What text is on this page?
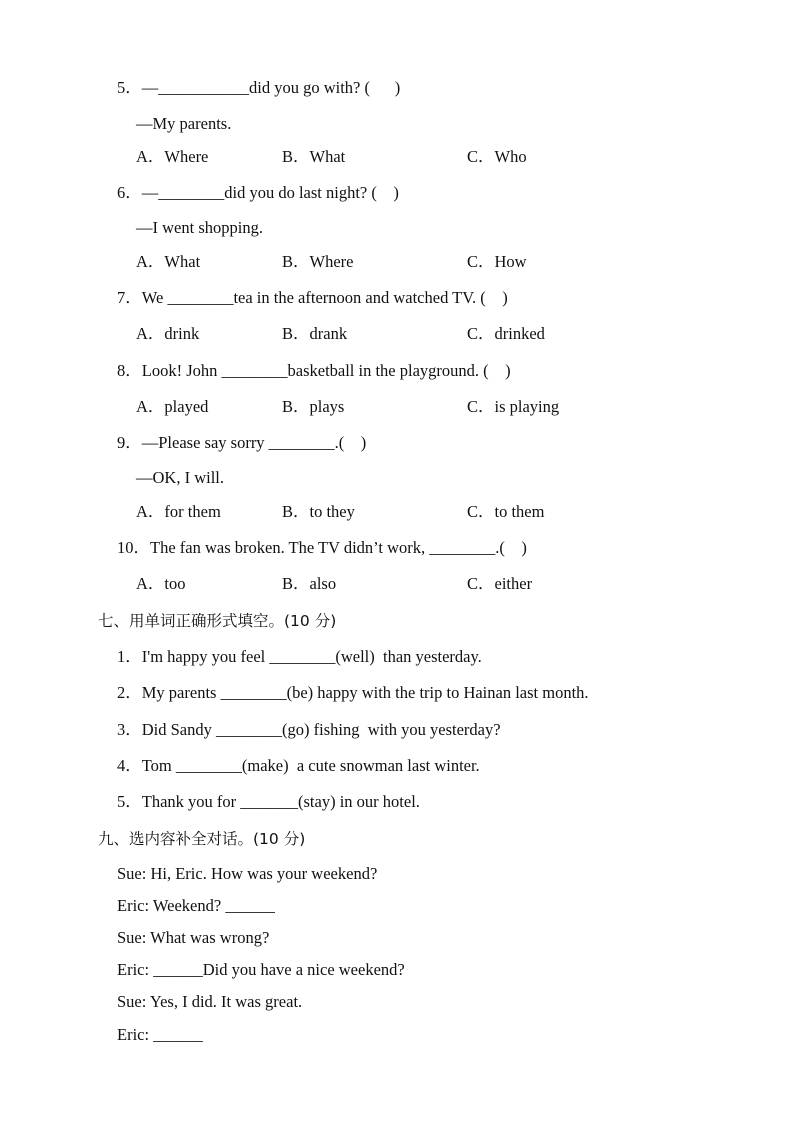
5．—___________did you go with? (      )
—My parents.
A．Where	B．What	C．Who
6．—________did you do last night? (    )
—I went shopping.
A．What	B．Where	C．How
7．We ________tea in the afternoon and watched TV. (    )
A．drink	B．drank	C．drinked
8．Look! John ________basketball in the playground. (    )
A．played	B．plays	C．is playing
9．—Please say sorry ________.(    )
—OK, I will.
A．for them	B．to they	C．to them
10．The fan was broken. The TV didn’t work, ________.(    )
A．too	B．also	C．either
七、用单词正确形式填空。(10 分)
1．I'm happy you feel ________(well)  than yesterday.
2．My parents ________(be) happy with the trip to Hainan last month.
3．Did Sandy ________(go) fishing  with you yesterday?
4．Tom ________(make)  a cute snowman last winter.
5．Thank you for _______(stay) in our hotel.
九、选内容补全对话。(10 分)
Sue: Hi, Eric. How was your weekend?
Eric: Weekend? ______
Sue: What was wrong?
Eric: ______Did you have a nice weekend?
Sue: Yes, I did. It was great.
Eric: ______
